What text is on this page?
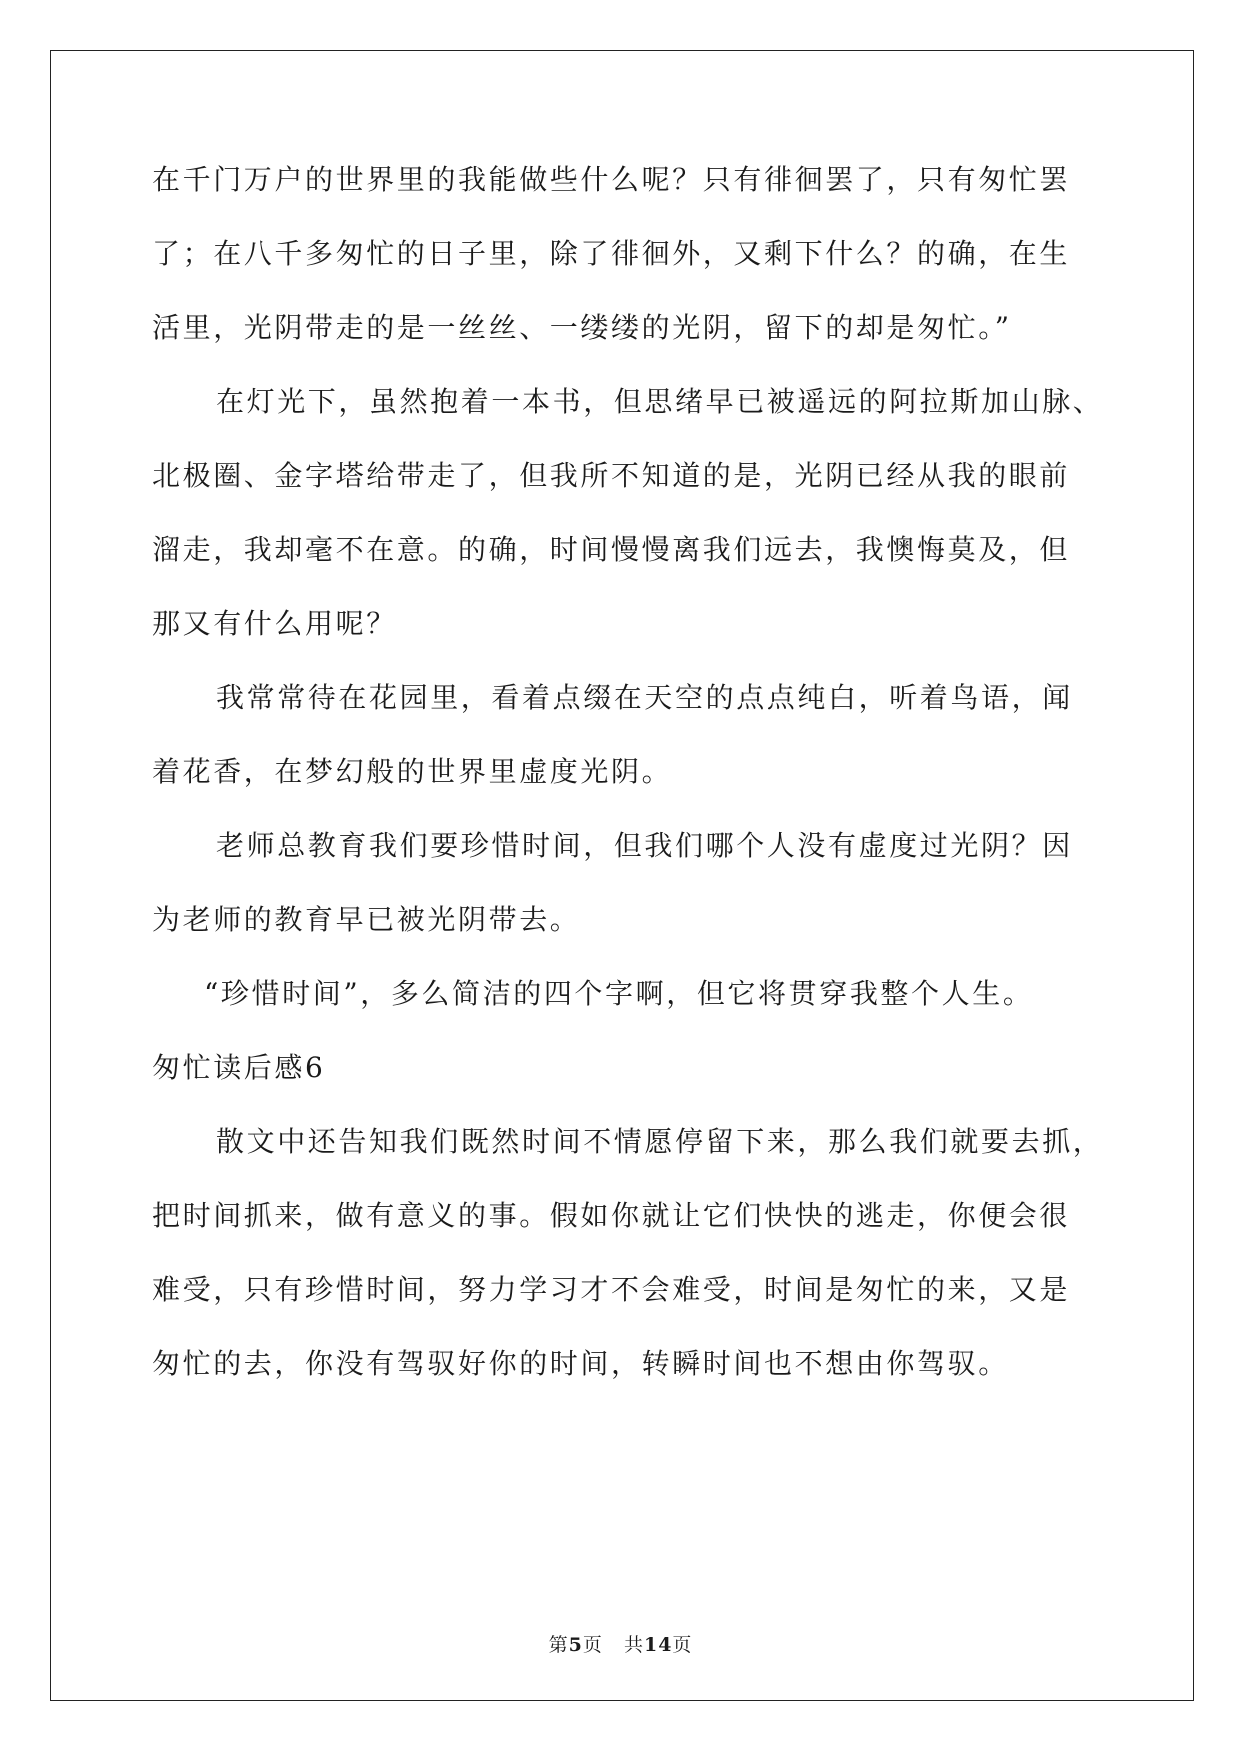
在千门万户的世界里的我能做些什么呢？只有徘徊罢了，只有匆忙罢
了；在八千多匆忙的日子里，除了徘徊外，又剩下什么？的确，在生
活里，光阴带走的是一丝丝、一缕缕的光阴，留下的却是匆忙。”
在灯光下，虽然抱着一本书，但思绪早已被遥远的阿拉斯加山脉、
北极圈、金字塔给带走了，但我所不知道的是，光阴已经从我的眼前
溜走，我却毫不在意。的确，时间慢慢离我们远去，我懊悔莫及，但
那又有什么用呢？
我常常待在花园里，看着点缀在天空的点点纯白，听着鸟语，闻
着花香，在梦幻般的世界里虚度光阴。
老师总教育我们要珍惜时间，但我们哪个人没有虚度过光阴？因
为老师的教育早已被光阴带去。
“珍惜时间”，多么简洁的四个字啊，但它将贯穿我整个人生。
匆忙读后感6
散文中还告知我们既然时间不情愿停留下来，那么我们就要去抓，
把时间抓来，做有意义的事。假如你就让它们快快的逃走，你便会很
难受，只有珍惜时间，努力学习才不会难受，时间是匆忙的来，又是
匆忙的去，你没有驾驭好你的时间，转瞬时间也不想由你驾驭。
第5页 共14页
